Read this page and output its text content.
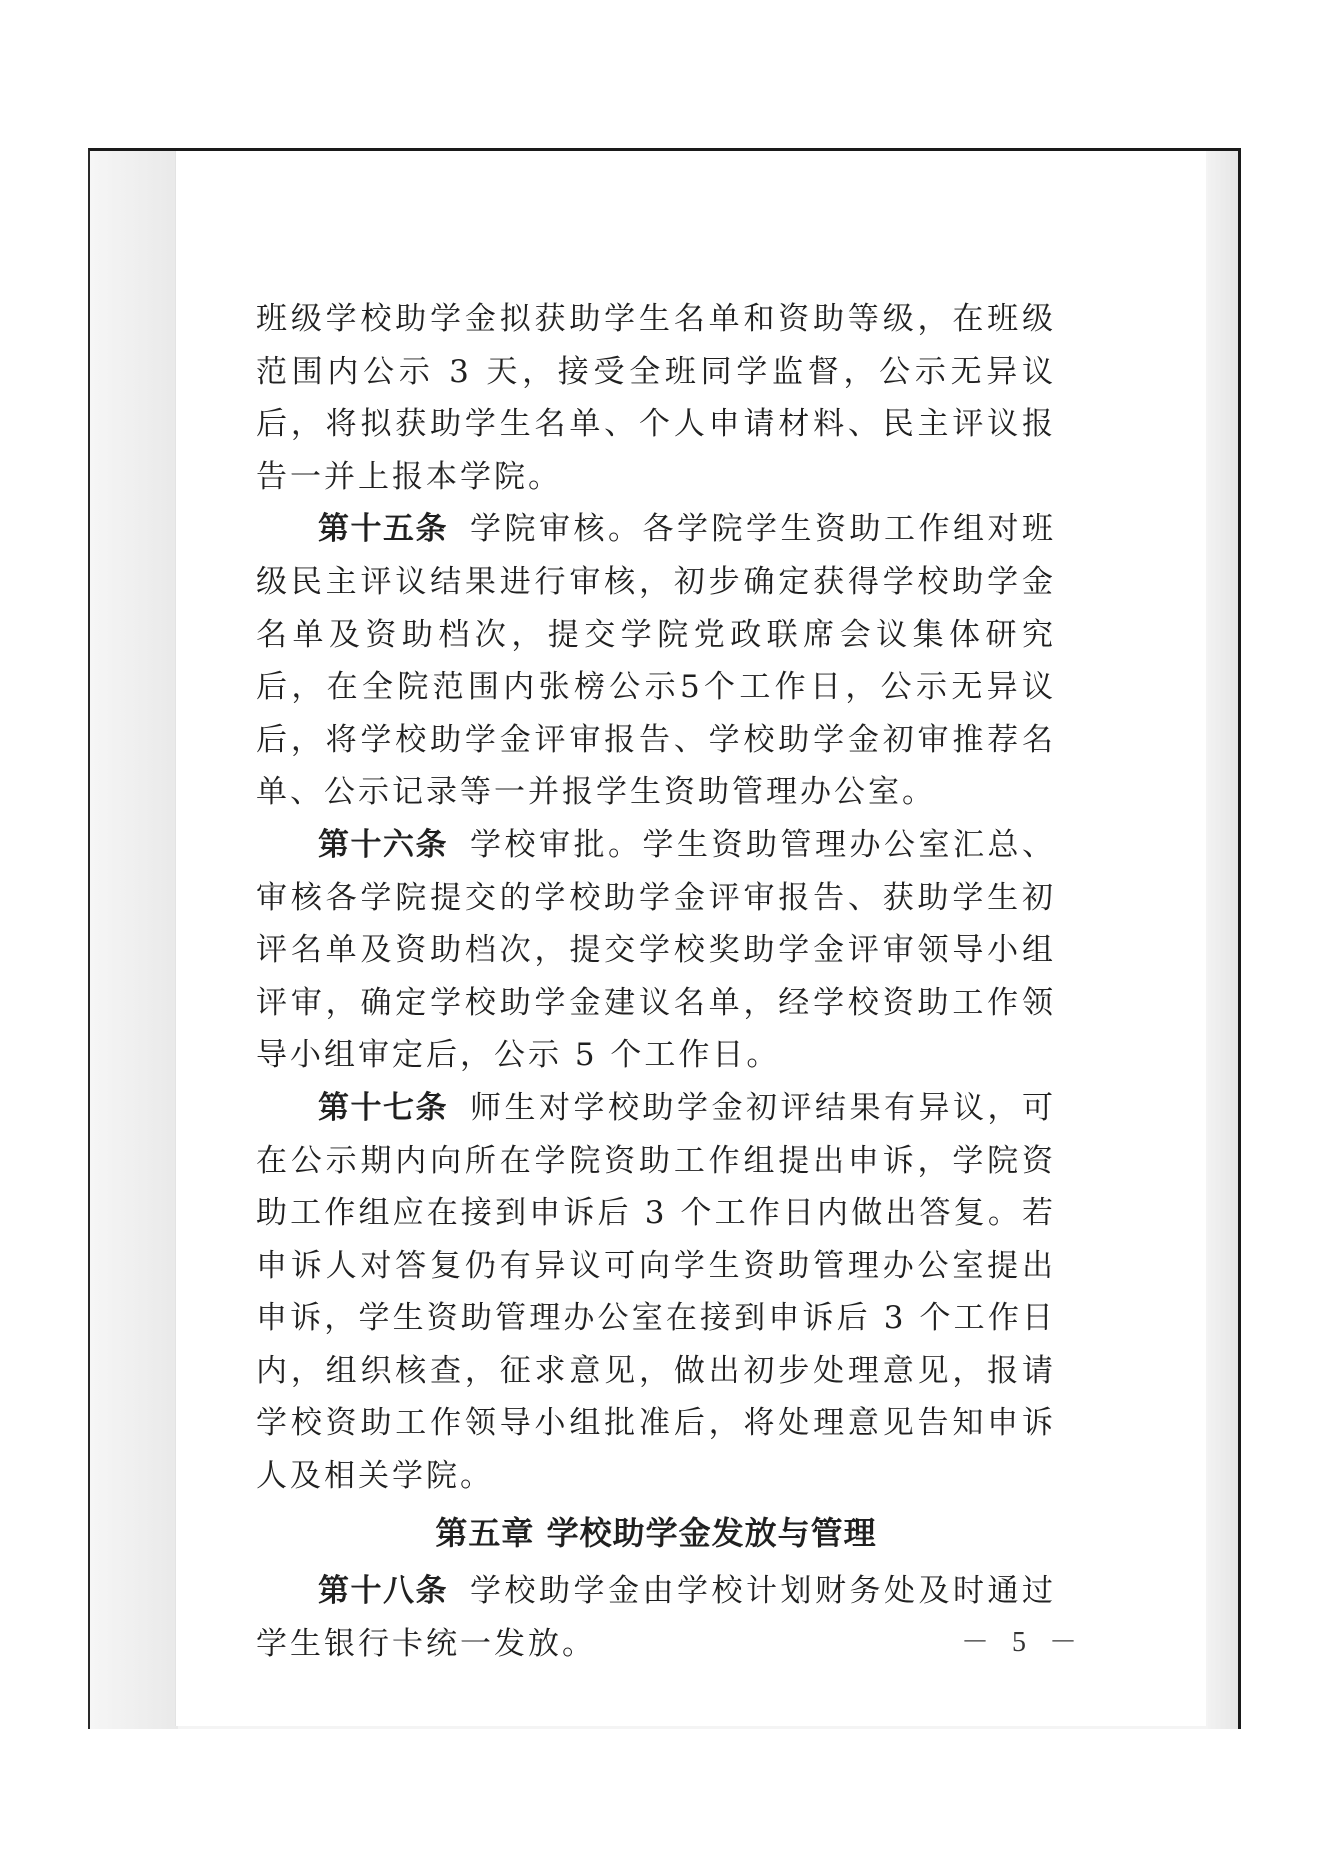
班级学校助学金拟获助学生名单和资助等级，在班级范围内公示 3 天，接受全班同学监督，公示无异议后，将拟获助学生名单、个人申请材料、民主评议报告一并上报本学院。

第十五条 学院审核。各学院学生资助工作组对班级民主评议结果进行审核，初步确定获得学校助学金名单及资助档次，提交学院党政联席会议集体研究后，在全院范围内张榜公示5个工作日，公示无异议后，将学校助学金评审报告、学校助学金初审推荐名单、公示记录等一并报学生资助管理办公室。

第十六条 学校审批。学生资助管理办公室汇总、审核各学院提交的学校助学金评审报告、获助学生初评名单及资助档次，提交学校奖助学金评审领导小组评审，确定学校助学金建议名单，经学校资助工作领导小组审定后，公示 5 个工作日。

第十七条 师生对学校助学金初评结果有异议，可在公示期内向所在学院资助工作组提出申诉，学院资助工作组应在接到申诉后 3 个工作日内做出答复。若申诉人对答复仍有异议可向学生资助管理办公室提出申诉，学生资助管理办公室在接到申诉后 3 个工作日内，组织核查，征求意见，做出初步处理意见，报请学校资助工作领导小组批准后，将处理意见告知申诉人及相关学院。

第五章 学校助学金发放与管理

第十八条 学校助学金由学校计划财务处及时通过学生银行卡统一发放。	－ 5 －
